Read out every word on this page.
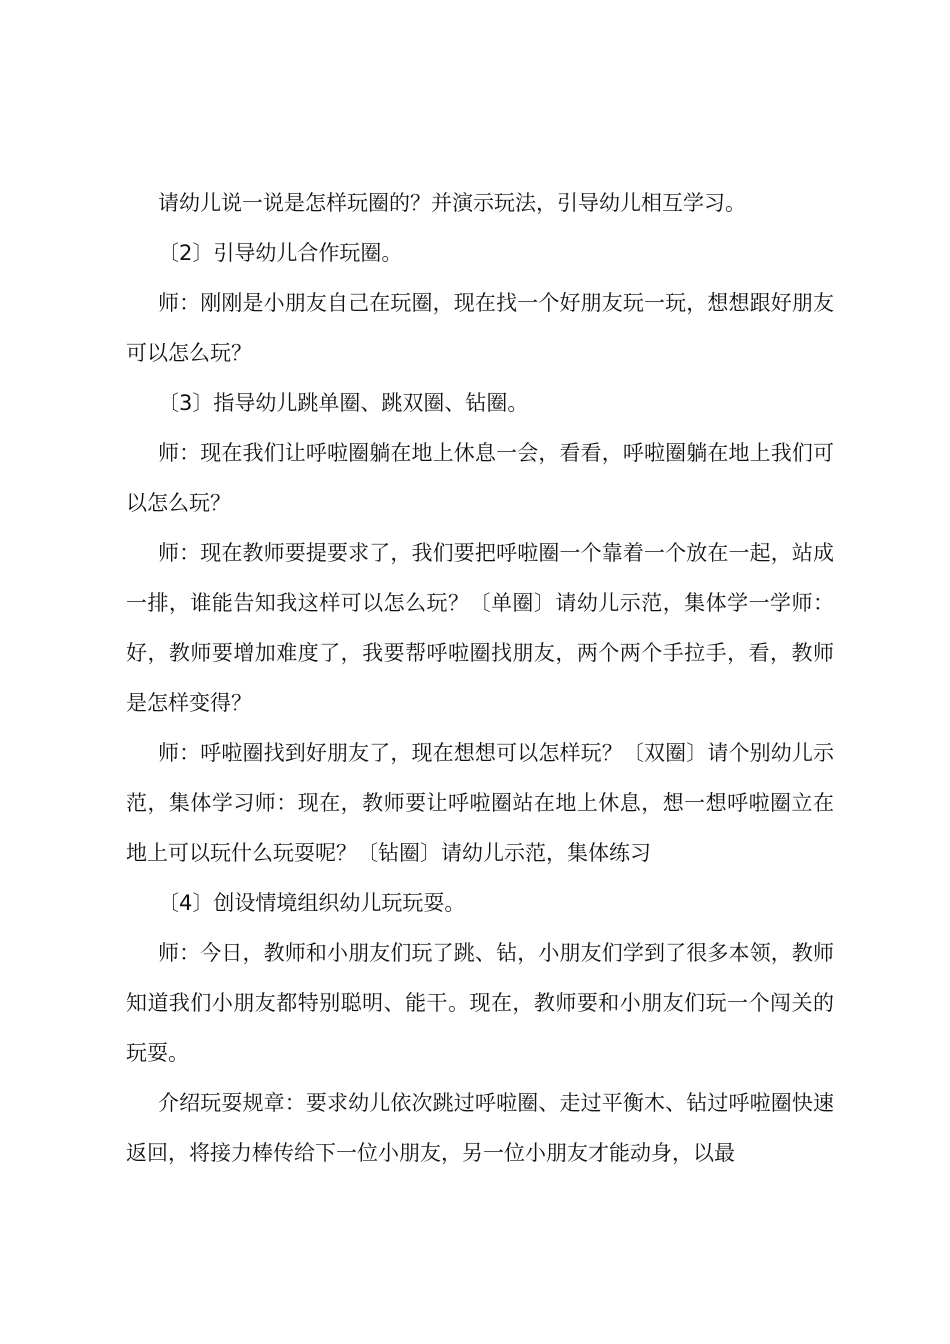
请幼儿说一说是怎样玩圈的？并演示玩法，引导幼儿相互学习。

〔2〕引导幼儿合作玩圈。

师：刚刚是小朋友自己在玩圈，现在找一个好朋友玩一玩，想想跟好朋友可以怎么玩？

〔3〕指导幼儿跳单圈、跳双圈、钻圈。

师：现在我们让呼啦圈躺在地上休息一会，看看，呼啦圈躺在地上我们可以怎么玩？

师：现在教师要提要求了，我们要把呼啦圈一个靠着一个放在一起，站成一排，谁能告知我这样可以怎么玩？〔单圈〕请幼儿示范，集体学一学师：好，教师要增加难度了，我要帮呼啦圈找朋友，两个两个手拉手，看，教师是怎样变得？

师：呼啦圈找到好朋友了，现在想想可以怎样玩？〔双圈〕请个别幼儿示范，集体学习师：现在，教师要让呼啦圈站在地上休息，想一想呼啦圈立在地上可以玩什么玩耍呢？〔钻圈〕请幼儿示范，集体练习

〔4〕创设情境组织幼儿玩玩耍。

师：今日，教师和小朋友们玩了跳、钻，小朋友们学到了很多本领，教师知道我们小朋友都特别聪明、能干。现在，教师要和小朋友们玩一个闯关的玩耍。

介绍玩耍规章：要求幼儿依次跳过呼啦圈、走过平衡木、钻过呼啦圈快速返回，将接力棒传给下一位小朋友，另一位小朋友才能动身，以最
